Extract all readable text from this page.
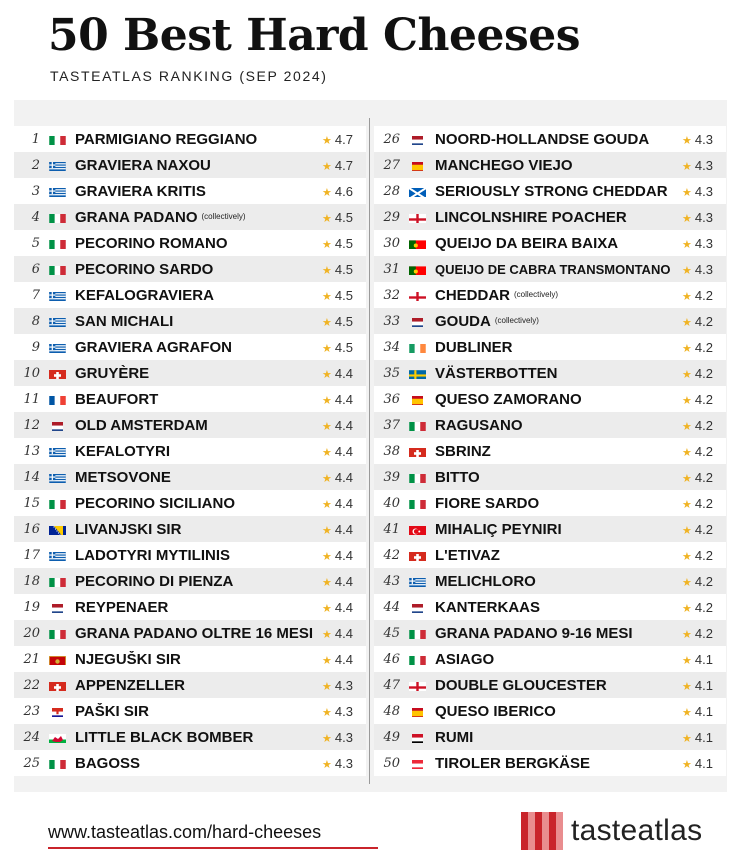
50 Best Hard Cheeses
TASTEATLAS RANKING (SEP 2024)
1 PARMIGIANO REGGIANO	★ 4.7
2 GRAVIERA NAXOU	★ 4.7
3 GRAVIERA KRITIS	★ 4.6
4 GRANA PADANO $^{(collectively)}$	★ 4.5
5 PECORINO ROMANO	★ 4.5
6 PECORINO SARDO	★ 4.5
7 KEFALOGRAVIERA	★ 4.5
8 SAN MICHALI	★ 4.5
9 GRAVIERA AGRAFON	★ 4.5
10 GRUYÈRE	★ 4.4
11 BEAUFORT	★ 4.4
12 OLD AMSTERDAM	★ 4.4
13 KEFALOTYRI	★ 4.4
14 METSOVONE	★ 4.4
15 PECORINO SICILIANO	★ 4.4
16 LIVANJSKI SIR	★ 4.4
17 LADOTYRI MYTILINIS	★ 4.4
18 PECORINO DI PIENZA	★ 4.4
19 REYPENAER	★ 4.4
20 GRANA PADANO OLTRE 16 MESI ★ 4.4
21 NJEGUŠKI SIR	★ 4.4
22 APPENZELLER	★ 4.3
23 PAŠKI SIR	★ 4.3
24 LITTLE BLACK BOMBER	★ 4.3
25 BAGOSS	★ 4.3
26 NOORD-HOLLANDSE GOUDA	★ 4.3
27 MANCHEGO VIEJO	★ 4.3
28 SERIOUSLY STRONG CHEDDAR	★ 4.3
29 LINCOLNSHIRE POACHER	★ 4.3
30 QUEIJO DA BEIRA BAIXA	★ 4.3
31	QUEIJO DE CABRA TRANSMONTANO	★ 4.3
32 CHEDDAR $^{(collectively)}$	★ 4.2
33 GOUDA $^{(collectively)}$	★ 4.2
34 DUBLINER	★ 4.2
35 VÄSTERBOTTEN	★ 4.2
36 QUESO ZAMORANO	★ 4.2
37 RAGUSANO	★ 4.2
38 SBRINZ	★ 4.2
39 BITTO	★ 4.2
40 FIORE SARDO	★ 4.2
41 MIHALIÇ PEYNIRI	★ 4.2
42 L'ETIVAZ	★ 4.2
43 MELICHLORO	★ 4.2
44 KANTERKAAS	★ 4.2
45 GRANA PADANO 9-16 MESI	★ 4.2
46 ASIAGO	★ 4.1
47 DOUBLE GLOUCESTER	★ 4.1
48 QUESO IBERICO	★ 4.1
49 RUMI	★ 4.1
50 TIROLER BERGKÄSE	★ 4.1
www.tasteatlas.com/hard-cheeses	tasteatlas
